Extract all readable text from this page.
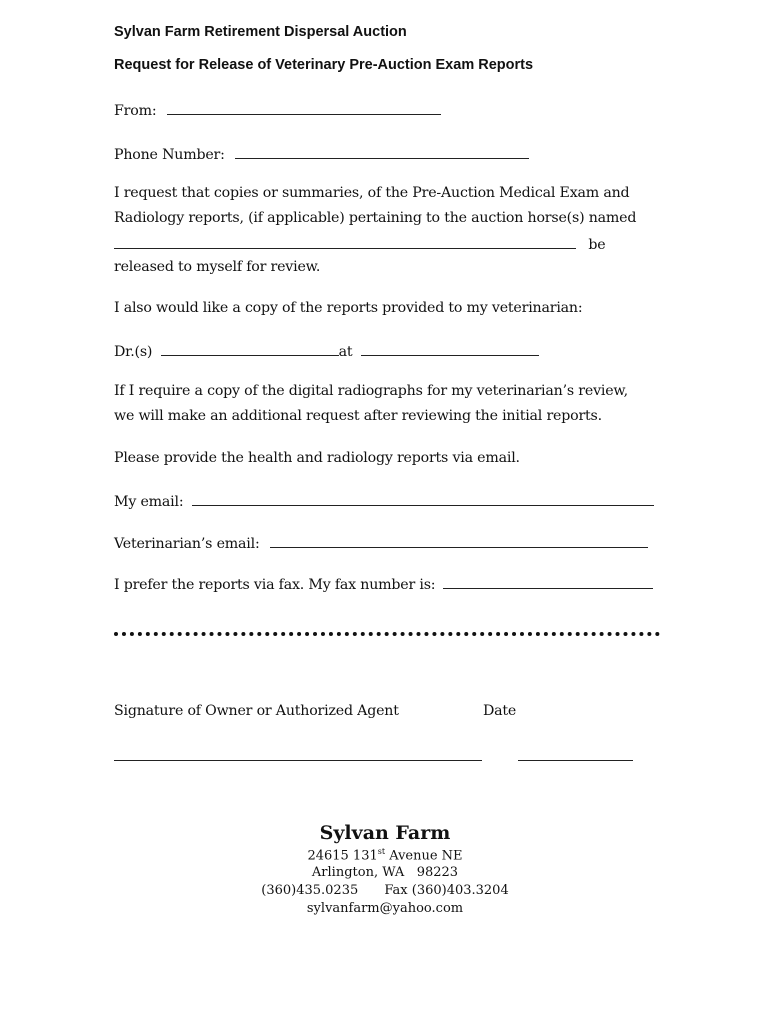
Sylvan Farm Retirement Dispersal Auction
Request for Release of Veterinary Pre-Auction Exam Reports
From:
Phone Number:
I request that copies or summaries, of the Pre-Auction Medical Exam and
Radiology reports, (if applicable) pertaining to the auction horse(s) named
be
released to myself for review.
I also would like a copy of the reports provided to my veterinarian:
Dr.(s)	at
If I require a copy of the digital radiographs for my veterinarian’s review,
we will make an additional request after reviewing the initial reports.
Please provide the health and radiology reports via email.
My email:
Veterinarian’s email:
I prefer the reports via fax. My fax number is:
Signature of Owner or Authorized Agent	Date
Sylvan Farm
24615 131st Avenue NE
Arlington, WA   98223
(360)435.0235 Fax (360)403.3204
sylvanfarm@yahoo.com
